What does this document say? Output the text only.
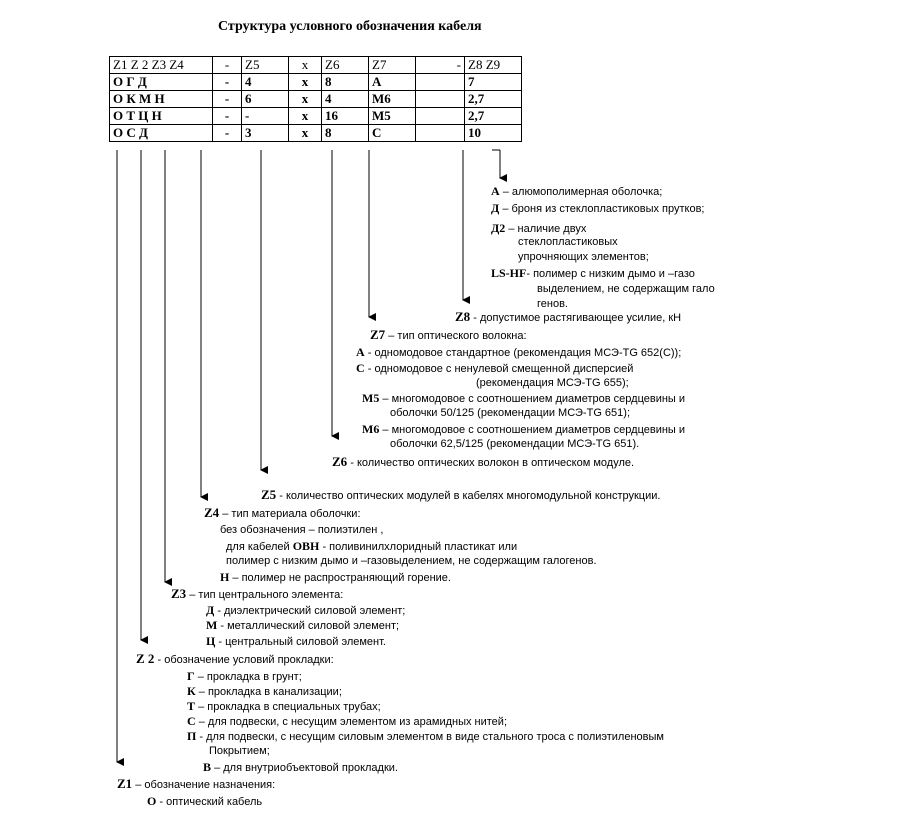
Структура условного обозначения кабеля
Z1 Z 2 Z3 Z4	-	Z5	x	Z6	Z7	-	Z8 Z9
О Г Д	-	4	х	8	А		7
О К М Н	-	6	х	4	М6		2,7
О Т Ц Н	-	-	х	16	М5		2,7
О С Д	-	3	х	8	С		10
А – алюмополимерная оболочка;
Д – броня из стеклопластиковых прутков;
Д2 – наличие двух
стеклопластиковых
упрочняющих элементов;
LS-HF- полимер с низким дымо и –газо
выделением, не содержащим гало
генов.
Z8 - допустимое растягивающее усилие, кН
Z7 – тип оптического волокна:
А - одномодовое стандартное (рекомендация МСЭ-TG 652(С));
С - одномодовое с ненулевой смещенной дисперсией
(рекомендация МСЭ-TG 655);
М5 – многомодовое с соотношением диаметров сердцевины и
оболочки 50/125 (рекомендации МСЭ-TG 651);
М6 – многомодовое с соотношением диаметров сердцевины и
оболочки 62,5/125 (рекомендации МСЭ-TG 651).
Z6 - количество оптических волокон в оптическом модуле.
Z5 - количество оптических модулей в кабелях многомодульной конструкции.
Z4 – тип материала оболочки:
без обозначения – полиэтилен ,
для кабелей ОВН - поливинилхлоридный пластикат или
полимер с низким дымо и –газовыделением, не содержащим галогенов.
Н – полимер не распространяющий горение.
Z3 – тип центрального элемента:
Д - диэлектрический силовой элемент;
М - металлический силовой элемент;
Ц - центральный силовой элемент.
Z 2 - обозначение условий прокладки:
Г – прокладка в грунт;
К – прокладка в канализации;
Т – прокладка в специальных трубах;
С – для подвески, с несущим элементом из арамидных нитей;
П - для подвески, с несущим силовым элементом в виде стального троса с полиэтиленовым
Покрытием;
В – для внутриобъектовой прокладки.
Z1 – обозначение назначения:
О - оптический кабель
